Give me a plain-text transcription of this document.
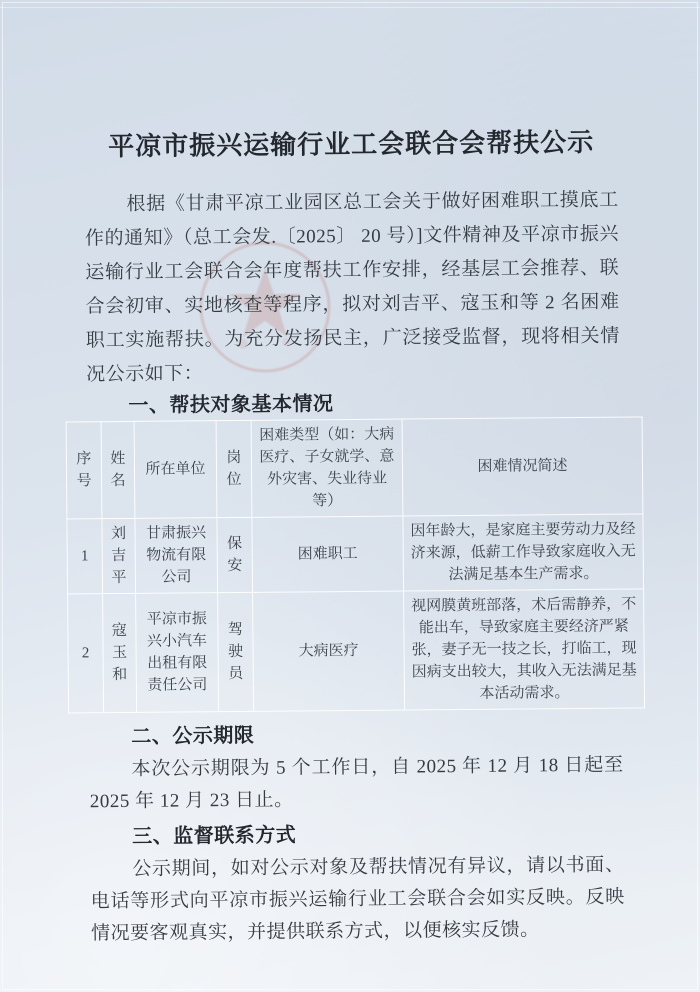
平凉市振兴运输行业工会联合会帮扶公示

根据《甘肃平凉工业园区总工会关于做好困难职工摸底工作的通知》（总工会发.〔2025〕 20 号）]文件精神及平凉市振兴运输行业工会联合会年度帮扶工作安排，经基层工会推荐、联合会初审、实地核查等程序，拟对刘吉平、寇玉和等 2 名困难职工实施帮扶。为充分发扬民主，广泛接受监督，现将相关情况公示如下：

一、帮扶对象基本情况
序号	姓名	所在单位	岗位	困难类型（如：大病医疗、子女就学、意外灾害、失业待业等）	困难情况简述
1	刘吉平	甘肃振兴物流有限公司	保安	困难职工	因年龄大，是家庭主要劳动力及经济来源，低薪工作导致家庭收入无法满足基本生产需求。
2	寇玉和	平凉市振兴小汽车出租有限责任公司	驾驶员	大病医疗	视网膜黄班部落，术后需静养，不能出车，导致家庭主要经济严紧张，妻子无一技之长，打临工，现因病支出较大，其收入无法满足基本活动需求。
二、公示期限

本次公示期限为 5 个工作日，自 2025 年 12 月 18 日起至 2025 年 12 月 23 日止。

三、监督联系方式

公示期间，如对公示对象及帮扶情况有异议，请以书面、电话等形式向平凉市振兴运输行业工会联合会如实反映。反映情况要客观真实，并提供联系方式，以便核实反馈。
